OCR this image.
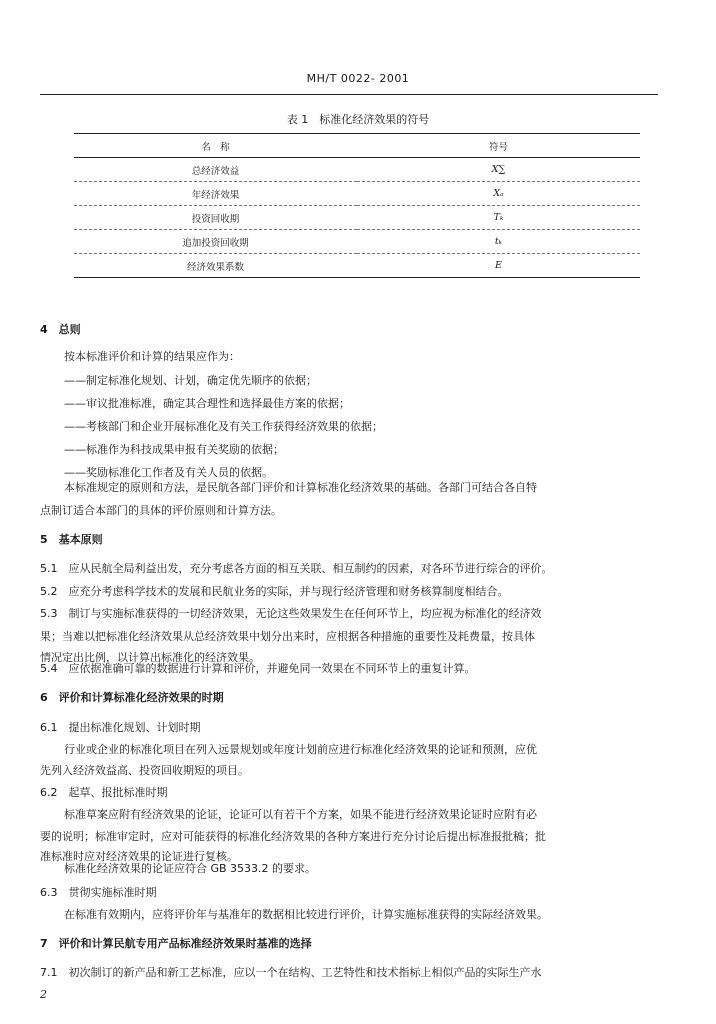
MH/T 0022- 2001
表 1　标准化经济效果的符号
名　称	符号
总经济效益	X∑
年经济效果	Xₐ
投资回收期	Tₖ
追加投资回收期	tₖ
经济效果系数	E
4　总则
按本标准评价和计算的结果应作为：
——制定标准化规划、计划，确定优先顺序的依据；
——审议批准标准，确定其合理性和选择最佳方案的依据；
——考核部门和企业开展标准化及有关工作获得经济效果的依据；
——标准作为科技成果申报有关奖励的依据；
——奖励标准化工作者及有关人员的依据。
本标准规定的原则和方法，是民航各部门评价和计算标准化经济效果的基础。各部门可结合各自特
点制订适合本部门的具体的评价原则和计算方法。
5　基本原则
5.1　应从民航全局利益出发，充分考虑各方面的相互关联、相互制约的因素，对各环节进行综合的评价。
5.2　应充分考虑科学技术的发展和民航业务的实际，并与现行经济管理和财务核算制度相结合。
5.3　制订与实施标准获得的一切经济效果，无论这些效果发生在任何环节上，均应视为标准化的经济效
果；当难以把标准化经济效果从总经济效果中划分出来时，应根据各种措施的重要性及耗费量，按具体
情况定出比例，以计算出标准化的经济效果。
5.4　应依据准确可靠的数据进行计算和评价，并避免同一效果在不同环节上的重复计算。
6　评价和计算标准化经济效果的时期
6.1　提出标准化规划、计划时期
行业或企业的标准化项目在列入远景规划或年度计划前应进行标准化经济效果的论证和预测，应优
先列入经济效益高、投资回收期短的项目。
6.2　起草、报批标准时期
标准草案应附有经济效果的论证，论证可以有若干个方案，如果不能进行经济效果论证时应附有必
要的说明；标准审定时，应对可能获得的标准化经济效果的各种方案进行充分讨论后提出标准报批稿；批
准标准时应对经济效果的论证进行复核。
标准化经济效果的论证应符合 GB 3533.2 的要求。
6.3　贯彻实施标准时期
在标准有效期内，应将评价年与基准年的数据相比较进行评价，计算实施标准获得的实际经济效果。
7　评价和计算民航专用产品标准经济效果时基准的选择
7.1　初次制订的新产品和新工艺标准，应以一个在结构、工艺特性和技术指标上相似产品的实际生产水
2
